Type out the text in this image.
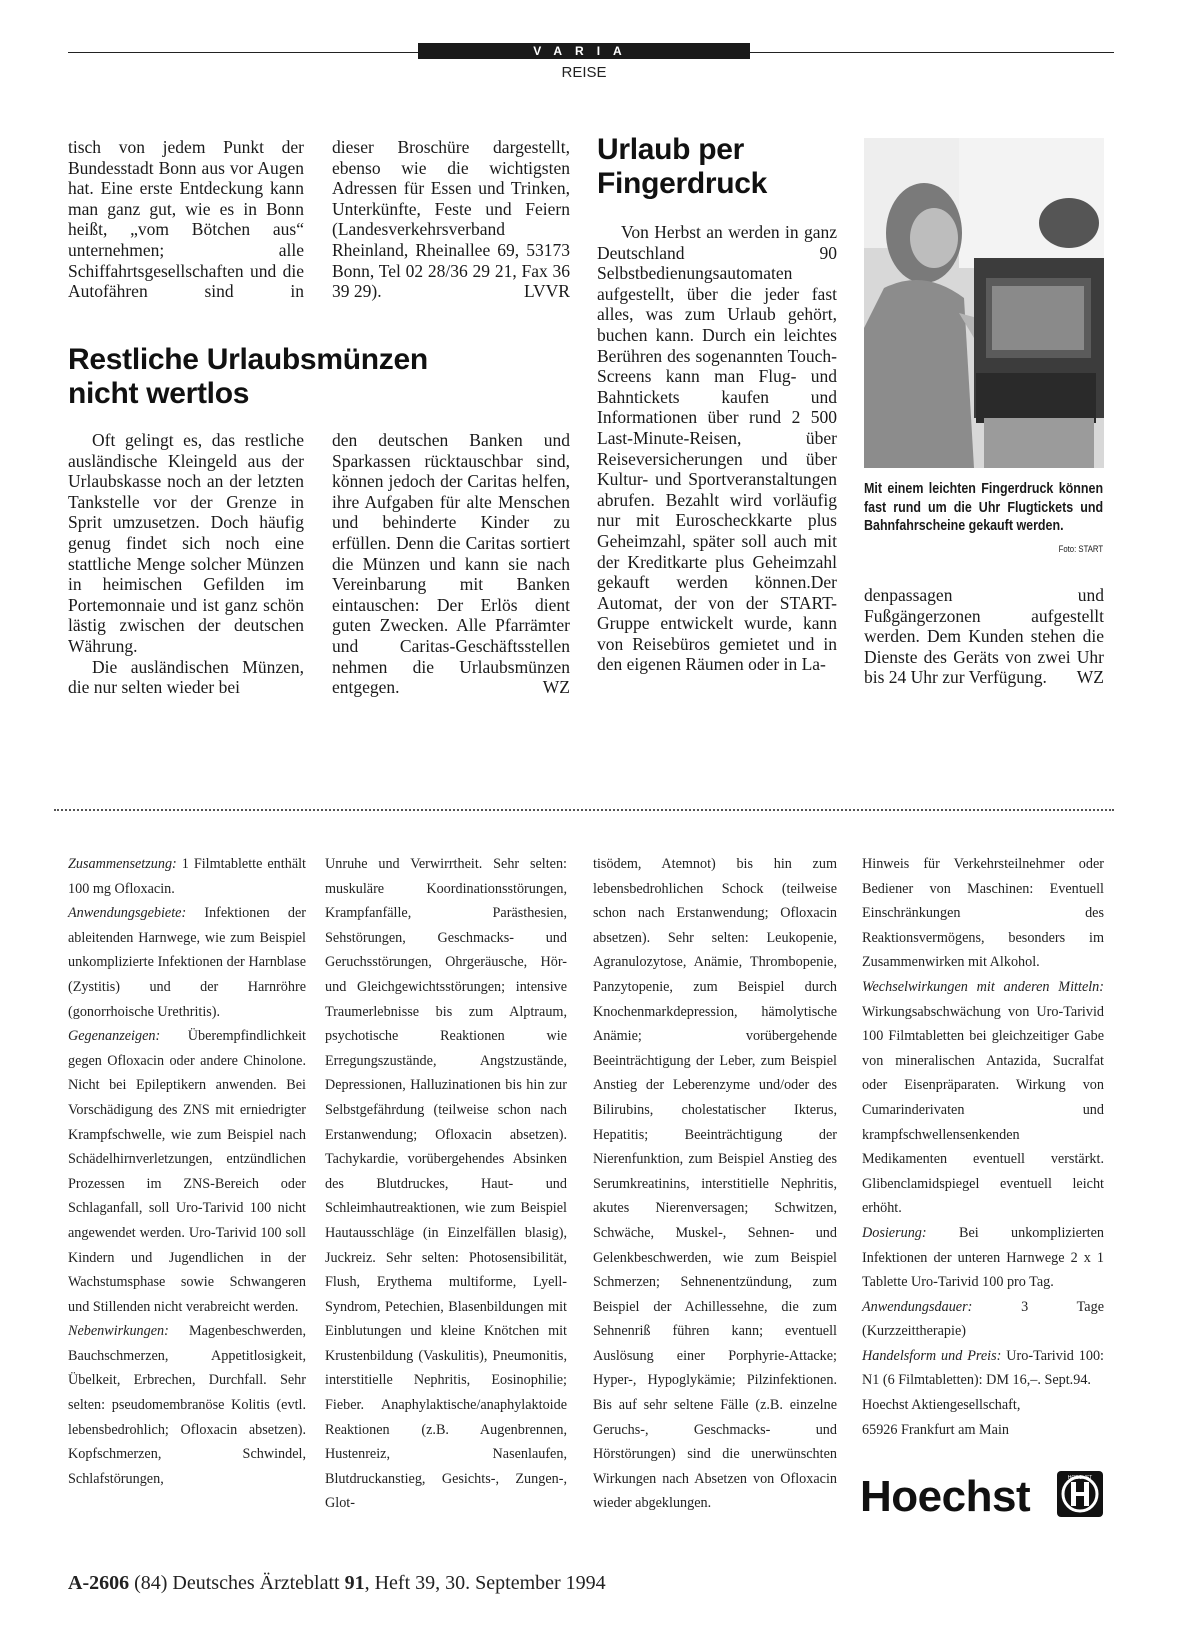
VARIA
REISE

tisch von jedem Punkt der Bundesstadt Bonn aus vor Augen hat. Eine erste Entdeckung kann man ganz gut, wie es in Bonn heißt, „vom Bötchen aus“ unternehmen; alle Schiffahrtsgesellschaften und die Autofähren sind in

dieser Broschüre dargestellt, ebenso wie die wichtigsten Adressen für Essen und Trinken, Unterkünfte, Feste und Feiern (Landesverkehrsverband Rheinland, Rheinallee 69, 53173 Bonn, Tel 02 28/36 29 21, Fax 36 39 29).	LVVR

Restliche Urlaubsmünzen
nicht wertlos

Oft gelingt es, das restliche ausländische Kleingeld aus der Urlaubskasse noch an der letzten Tankstelle vor der Grenze in Sprit umzusetzen. Doch häufig genug findet sich noch eine stattliche Menge solcher Münzen in heimischen Gefilden im Portemonnaie und ist ganz schön lästig zwischen der deutschen Währung.

Die ausländischen Münzen, die nur selten wieder bei

den deutschen Banken und Sparkassen rücktauschbar sind, können jedoch der Caritas helfen, ihre Aufgaben für alte Menschen und behinderte Kinder zu erfüllen. Denn die Caritas sortiert die Münzen und kann sie nach Vereinbarung mit Banken eintauschen: Der Erlös dient guten Zwecken. Alle Pfarrämter und Caritas-Geschäftsstellen nehmen die Urlaubsmünzen entgegen.	WZ

Urlaub per
Fingerdruck

Von Herbst an werden in ganz Deutschland 90 Selbstbedienungsautomaten aufgestellt, über die jeder fast alles, was zum Urlaub gehört, buchen kann. Durch ein leichtes Berühren des sogenannten Touch-Screens kann man Flug- und Bahntickets kaufen und Informationen über rund 2 500 Last-Minute-Reisen, über Reiseversicherungen und über Kultur- und Sportveranstaltungen abrufen. Bezahlt wird vorläufig nur mit Euroscheckkarte plus Geheimzahl, später soll auch mit der Kreditkarte plus Geheimzahl gekauft werden können.Der Automat, der von der START-Gruppe entwickelt wurde, kann von Reisebüros gemietet und in den eigenen Räumen oder in La-

Mit einem leichten Fingerdruck können fast rund um die Uhr Flugtickets und Bahnfahrscheine gekauft werden.
Foto: START

denpassagen und Fußgängerzonen aufgestellt werden. Dem Kunden stehen die Dienste des Geräts von zwei Uhr bis 24 Uhr zur Verfügung. WZ

Zusammensetzung: 1 Filmtablette enthält 100 mg Ofloxacin.

Anwendungsgebiete: Infektionen der ableitenden Harnwege, wie zum Beispiel unkomplizierte Infektionen der Harnblase (Zystitis) und der Harnröhre (gonorrhoische Urethritis).

Gegenanzeigen: Überempfindlichkeit gegen Ofloxacin oder andere Chinolone. Nicht bei Epileptikern anwenden. Bei Vorschädigung des ZNS mit erniedrigter Krampfschwelle, wie zum Beispiel nach Schädelhirnverletzungen, entzündlichen Prozessen im ZNS-Bereich oder Schlaganfall, soll Uro-Tarivid 100 nicht angewendet werden. Uro-Tarivid 100 soll Kindern und Jugendlichen in der Wachstumsphase sowie Schwangeren und Stillenden nicht verabreicht werden.

Nebenwirkungen: Magenbeschwerden, Bauchschmerzen, Appetitlosigkeit, Übelkeit, Erbrechen, Durchfall. Sehr selten: pseudomembranöse Kolitis (evtl. lebensbedrohlich; Ofloxacin absetzen). Kopfschmerzen, Schwindel, Schlafstörungen,

Unruhe und Verwirrtheit. Sehr selten: muskuläre Koordinationsstörungen, Krampfanfälle, Parästhesien, Sehstörungen, Geschmacks- und Geruchsstörungen, Ohrgeräusche, Hör- und Gleichgewichtsstörungen; intensive Traumerlebnisse bis zum Alptraum, psychotische Reaktionen wie Erregungszustände, Angstzustände, Depressionen, Halluzinationen bis hin zur Selbstgefährdung (teilweise schon nach Erstanwendung; Ofloxacin absetzen). Tachykardie, vorübergehendes Absinken des Blutdruckes, Haut- und Schleimhautreaktionen, wie zum Beispiel Hautausschläge (in Einzelfällen blasig), Juckreiz. Sehr selten: Photosensibilität, Flush, Erythema multiforme, Lyell-Syndrom, Petechien, Blasenbildungen mit Einblutungen und kleine Knötchen mit Krustenbildung (Vaskulitis), Pneumonitis, interstitielle Nephritis, Eosinophilie; Fieber. Anaphylaktische/anaphylaktoide Reaktionen (z.B. Augenbrennen, Hustenreiz, Nasenlaufen, Blutdruckanstieg, Gesichts-, Zungen-, Glot-

tisödem, Atemnot) bis hin zum lebensbedrohlichen Schock (teilweise schon nach Erstanwendung; Ofloxacin absetzen). Sehr selten: Leukopenie, Agranulozytose, Anämie, Thrombopenie, Panzytopenie, zum Beispiel durch Knochenmarkdepression, hämolytische Anämie; vorübergehende Beeinträchtigung der Leber, zum Beispiel Anstieg der Leberenzyme und/oder des Bilirubins, cholestatischer Ikterus, Hepatitis; Beeinträchtigung der Nierenfunktion, zum Beispiel Anstieg des Serumkreatinins, interstitielle Nephritis, akutes Nierenversagen; Schwitzen, Schwäche, Muskel-, Sehnen- und Gelenkbeschwerden, wie zum Beispiel Schmerzen; Sehnenentzündung, zum Beispiel der Achillessehne, die zum Sehnenriß führen kann; eventuell Auslösung einer Porphyrie-Attacke; Hyper-, Hypoglykämie; Pilzinfektionen. Bis auf sehr seltene Fälle (z.B. einzelne Geruchs-, Geschmacks- und Hörstörungen) sind die unerwünschten Wirkungen nach Absetzen von Ofloxacin wieder abgeklungen.

Hinweis für Verkehrsteilnehmer oder Bediener von Maschinen: Eventuell Einschränkungen des Reaktionsvermögens, besonders im Zusammenwirken mit Alkohol.

Wechselwirkungen mit anderen Mitteln: Wirkungsabschwächung von Uro-Tarivid 100 Filmtabletten bei gleichzeitiger Gabe von mineralischen Antazida, Sucralfat oder Eisenpräparaten. Wirkung von Cumarinderivaten und krampfschwellensenkenden Medikamenten eventuell verstärkt. Glibenclamidspiegel eventuell leicht erhöht.

Dosierung: Bei unkomplizierten Infektionen der unteren Harnwege 2 x 1 Tablette Uro-Tarivid 100 pro Tag.

Anwendungsdauer: 3 Tage (Kurzzeittherapie)

Handelsform und Preis: Uro-Tarivid 100: N1 (6 Filmtabletten): DM 16,–. Sept.94.

Hoechst Aktiengesellschaft,

65926 Frankfurt am Main

Hoechst	HOECHST
A-2606 (84) Deutsches Ärzteblatt 91, Heft 39, 30. September 1994
